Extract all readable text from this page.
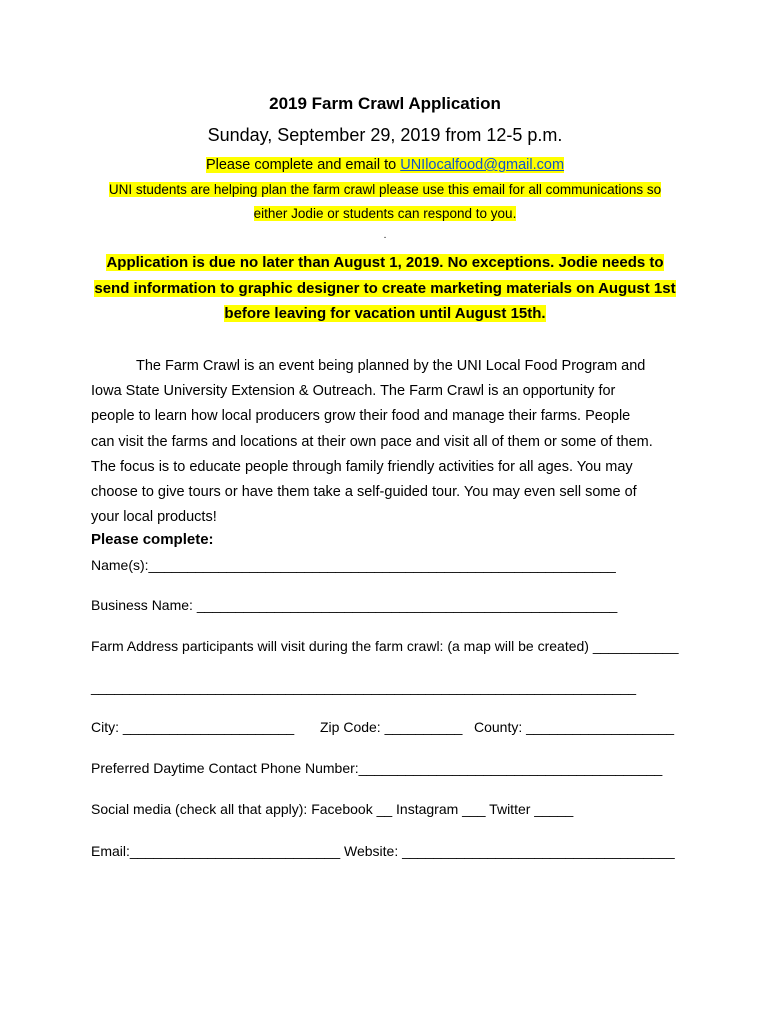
2019 Farm Crawl Application
Sunday, September 29, 2019 from 12-5 p.m.
Please complete and email to UNIlocalfood@gmail.com
UNI students are helping plan the farm crawl please use this email for all communications so
either Jodie or students can respond to you.
.
Application is due no later than August 1, 2019. No exceptions. Jodie needs to
send information to graphic designer to create marketing materials on August 1st
before leaving for vacation until August 15th.

The Farm Crawl is an event being planned by the UNI Local Food Program and

Iowa State University Extension & Outreach. The Farm Crawl is an opportunity for

people to learn how local producers grow their food and manage their farms. People

can visit the farms and locations at their own pace and visit all of them or some of them.

The focus is to educate people through family friendly activities for all ages. You may

choose to give tours or have them take a self-guided tour. You may even sell some of

your local products!

Please complete:
Name(s):____________________________________________________________
Business Name: ______________________________________________________
Farm Address participants will visit during the farm crawl: (a map will be created) ___________
______________________________________________________________________
City: ______________________ Zip Code: __________ County: ___________________
Preferred Daytime Contact Phone Number:_______________________________________
Social media (check all that apply): Facebook __ Instagram ___ Twitter _____
Email:___________________________ Website: ___________________________________
